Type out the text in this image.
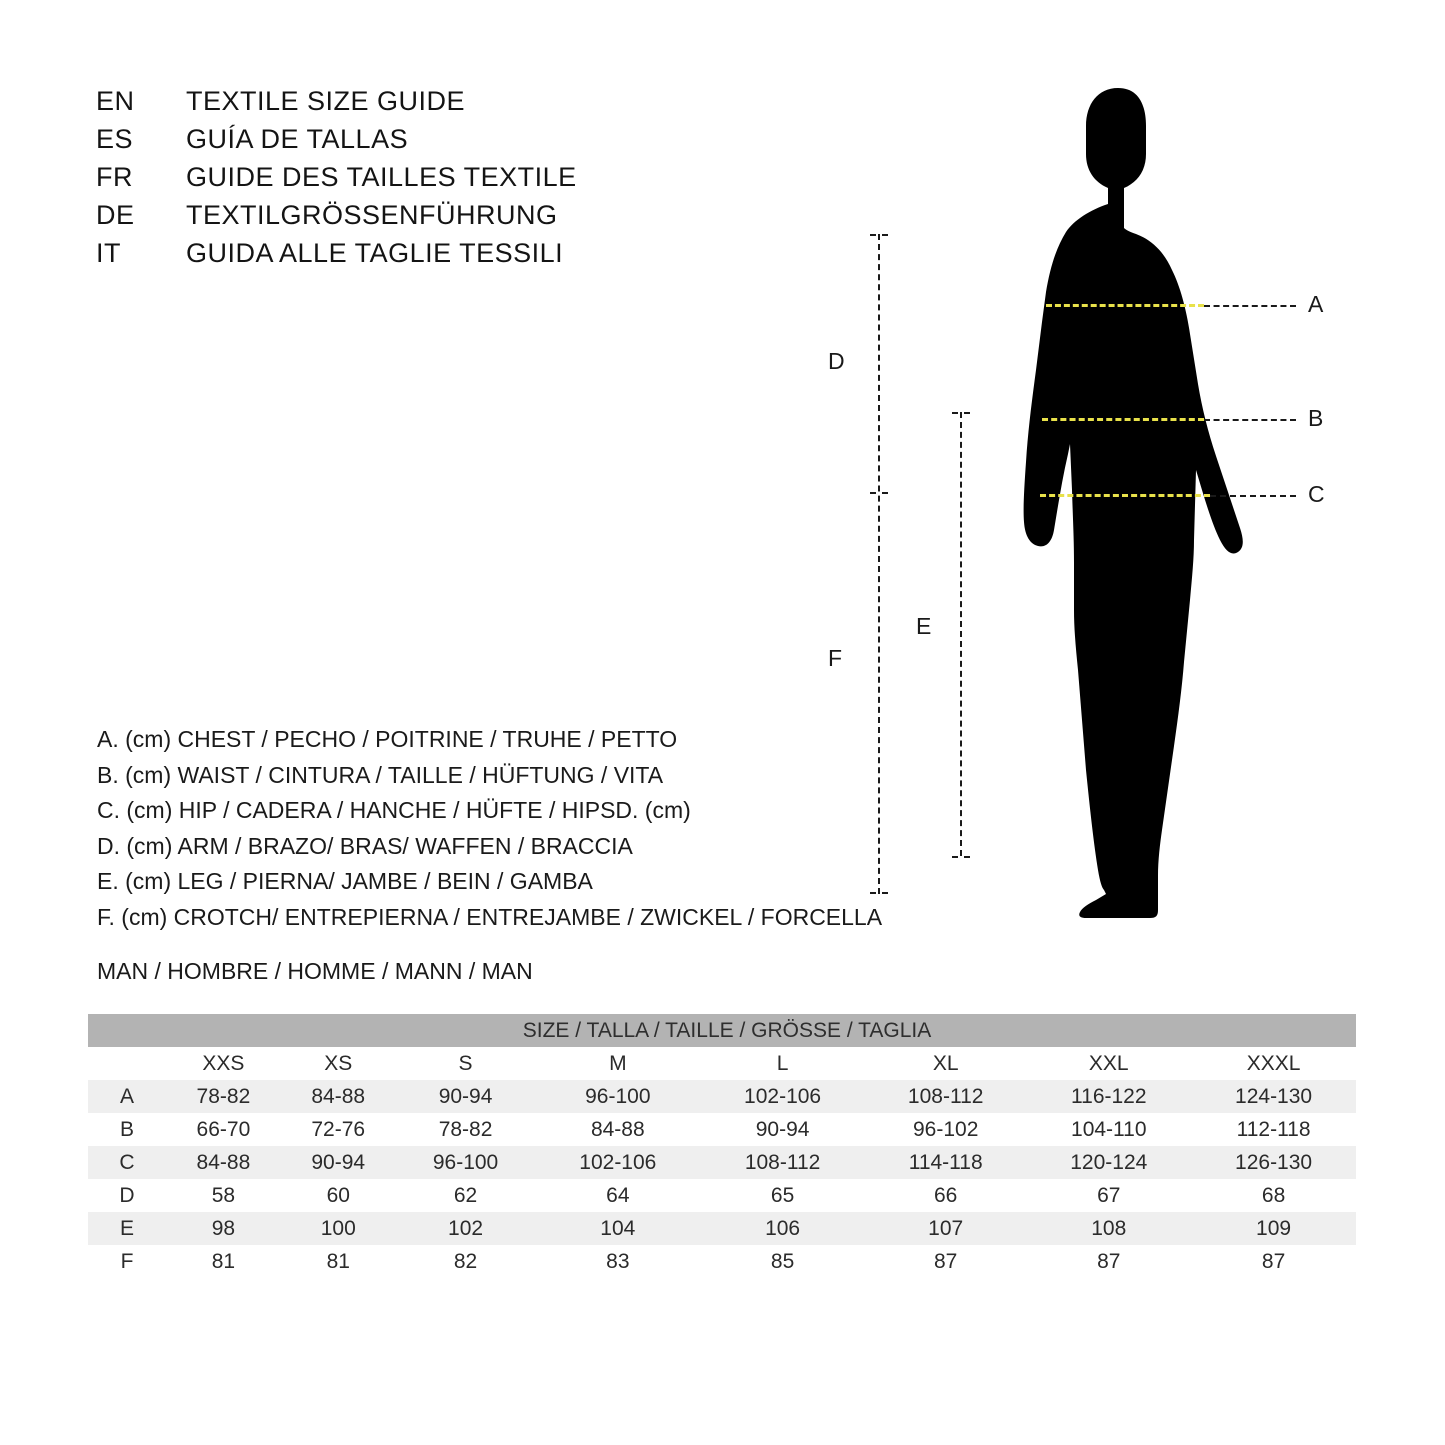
EN	TEXTILE SIZE GUIDE
ES	GUÍA DE TALLAS
FR	GUIDE DES TAILLES TEXTILE
DE	TEXTILGRÖSSENFÜHRUNG
IT	GUIDA ALLE TAGLIE TESSILI
A. (cm) CHEST / PECHO / POITRINE / TRUHE / PETTO
B. (cm) WAIST / CINTURA / TAILLE / HÜFTUNG / VITA
C. (cm) HIP / CADERA / HANCHE / HÜFTE / HIPSD. (cm)
D. (cm) ARM / BRAZO/ BRAS/ WAFFEN / BRACCIA
E. (cm) LEG / PIERNA/ JAMBE / BEIN / GAMBA
F. (cm) CROTCH/ ENTREPIERNA / ENTREJAMBE / ZWICKEL / FORCELLA
MAN / HOMBRE / HOMME / MANN / MAN
A
B
C
D
F
E
SIZE / TALLA / TAILLE / GRÖSSE / TAGLIA								
	XXS	XS	S	M	L	XL	XXL	XXXL
A	78-82	84-88	90-94	96-100	102-106	108-112	116-122	124-130
B	66-70	72-76	78-82	84-88	90-94	96-102	104-110	112-118
C	84-88	90-94	96-100	102-106	108-112	114-118	120-124	126-130
D	58	60	62	64	65	66	67	68
E	98	100	102	104	106	107	108	109
F	81	81	82	83	85	87	87	87
